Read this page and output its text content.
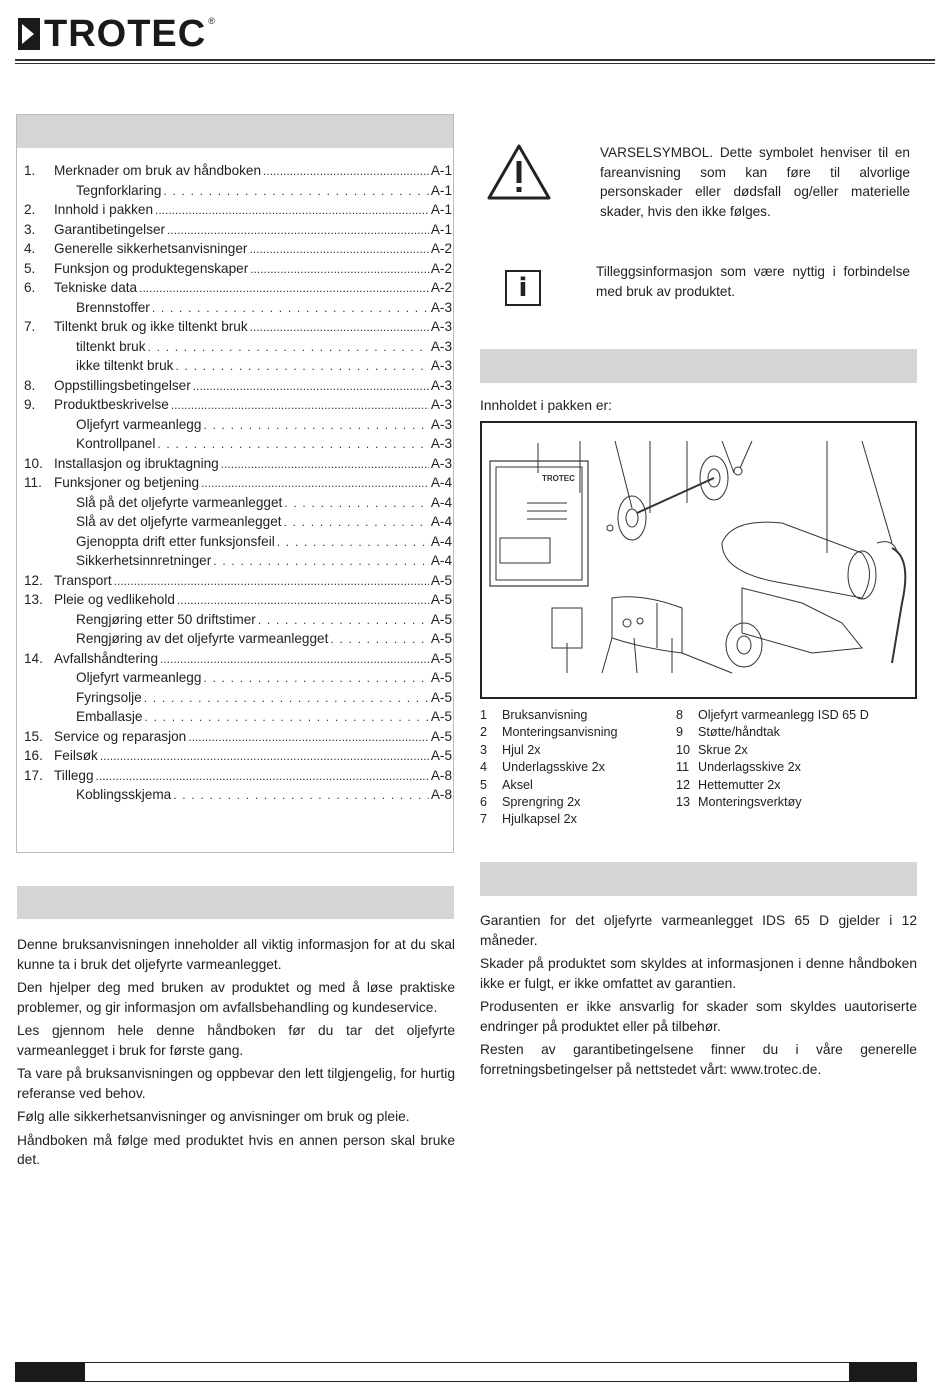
TROTEC ®
1.	Merknader om bruk av håndboken .....	A-1
Tegnforklaring . . .	A-1
2.	Innhold i pakken .....	A-1
3.	Garantibetingelser .....	A-1
4.	Generelle sikkerhetsanvisninger .....	A-2
5.	Funksjon og produktegenskaper .....	A-2
6.	Tekniske data .....	A-2
Brennstoffer . . .	A-3
7.	Tiltenkt bruk og ikke tiltenkt bruk .....	A-3
tiltenkt bruk . . .	A-3
ikke tiltenkt bruk . . .	A-3
8.	Oppstillingsbetingelser .....	A-3
9.	Produktbeskrivelse .....	A-3
Oljefyrt varmeanlegg . . .	A-3
Kontrollpanel . . .	A-3
10. Installasjon og ibruktagning .....	A-3
11. Funksjoner og betjening .....	A-4
Slå på det oljefyrte varmeanlegget . . .	A-4
Slå av det oljefyrte varmeanlegget . . .	A-4
Gjenoppta drift etter funksjonsfeil . . .	A-4
Sikkerhetsinnretninger . . .	A-4
12. Transport .....	A-5
13. Pleie og vedlikehold .....	A-5
Rengjøring etter 50 driftstimer . . .	A-5
Rengjøring av det oljefyrte varmeanlegget . . .	A-5
14. Avfallshåndtering .....	A-5
Oljefyrt varmeanlegg . . .	A-5
Fyringsolje . . .	A-5
Emballasje . . .	A-5
15. Service og reparasjon .....	A-5
16. Feilsøk .....	A-5
17. Tillegg .....	A-8
Koblingsskjema . . .	A-8

Denne bruksanvisningen inneholder all viktig informasjon for at du skal kunne ta i bruk det oljefyrte varmeanlegget.

Den hjelper deg med bruken av produktet og med å løse praktiske problemer, og gir informasjon om avfallsbehandling og kundeservice.

Les gjennom hele denne håndboken før du tar det oljefyrte varmeanlegget i bruk for første gang.

Ta vare på bruksanvisningen og oppbevar den lett tilgjengelig, for hurtig referanse ved behov.

Følg alle sikkerhetsanvisninger og anvisninger om bruk og pleie.

Håndboken må følge med produktet hvis en annen person skal bruke det.

VARSELSYMBOL. Dette symbolet henviser til en fareanvisning som kan føre til alvorlige personskader eller dødsfall og/eller materielle skader, hvis den ikke følges.
i
Tilleggsinformasjon som være nyttig i forbindelse med bruk av produktet.
Innholdet i pakken er:
TROTEC
1	Bruksanvisning
2	Monteringsanvisning
3	Hjul 2x
4	Underlagsskive 2x
5	Aksel
6	Sprengring 2x
7	Hjulkapsel 2x
8	Oljefyrt varmeanlegg ISD 65 D
9	Støtte/håndtak
10 Skrue 2x
11 Underlagsskive 2x
12 Hettemutter 2x
13 Monteringsverktøy

Garantien for det oljefyrte varmeanlegget IDS 65 D gjelder i 12 måneder.

Skader på produktet som skyldes at informasjonen i denne håndboken ikke er fulgt, er ikke omfattet av garantien.

Produsenten er ikke ansvarlig for skader som skyldes uautoriserte endringer på produktet eller på tilbehør.

Resten av garantibetingelsene finner du i våre generelle forretningsbetingelser på nettstedet vårt: www.trotec.de.
